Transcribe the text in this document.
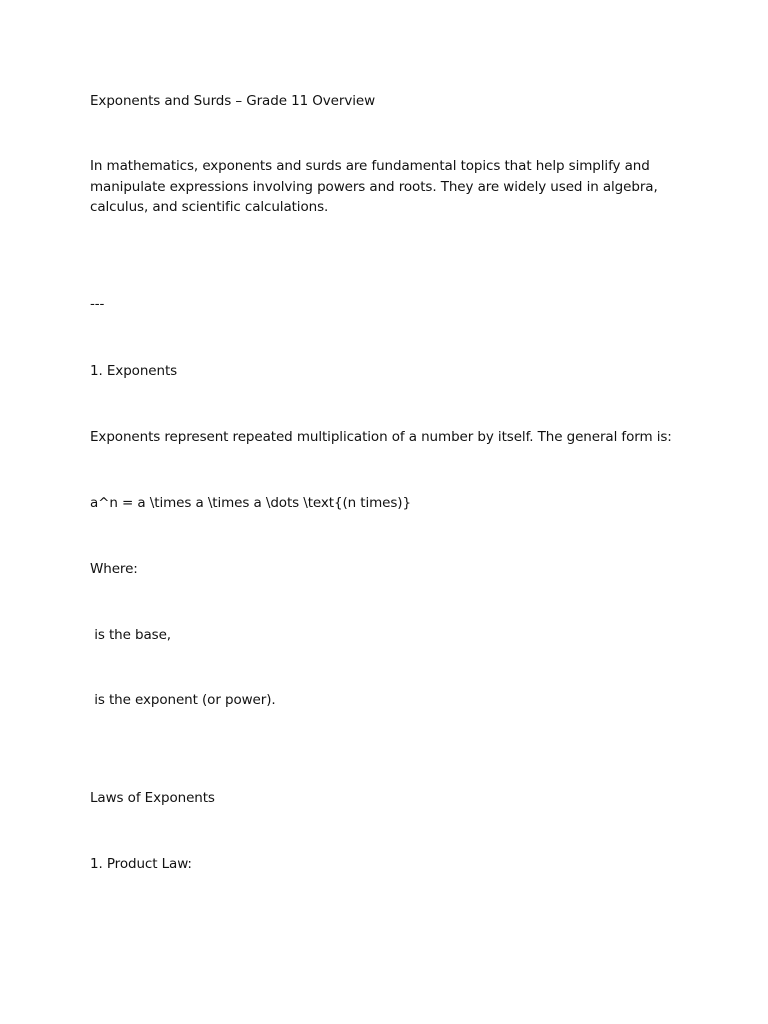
Exponents and Surds – Grade 11 Overview

In mathematics, exponents and surds are fundamental topics that help simplify and
manipulate expressions involving powers and roots. They are widely used in algebra,
calculus, and scientific calculations.

---

1. Exponents

Exponents represent repeated multiplication of a number by itself. The general form is:

a^n = a \times a \times a \dots \text{(n times)}

Where:

is the base,

is the exponent (or power).

Laws of Exponents

1. Product Law:
